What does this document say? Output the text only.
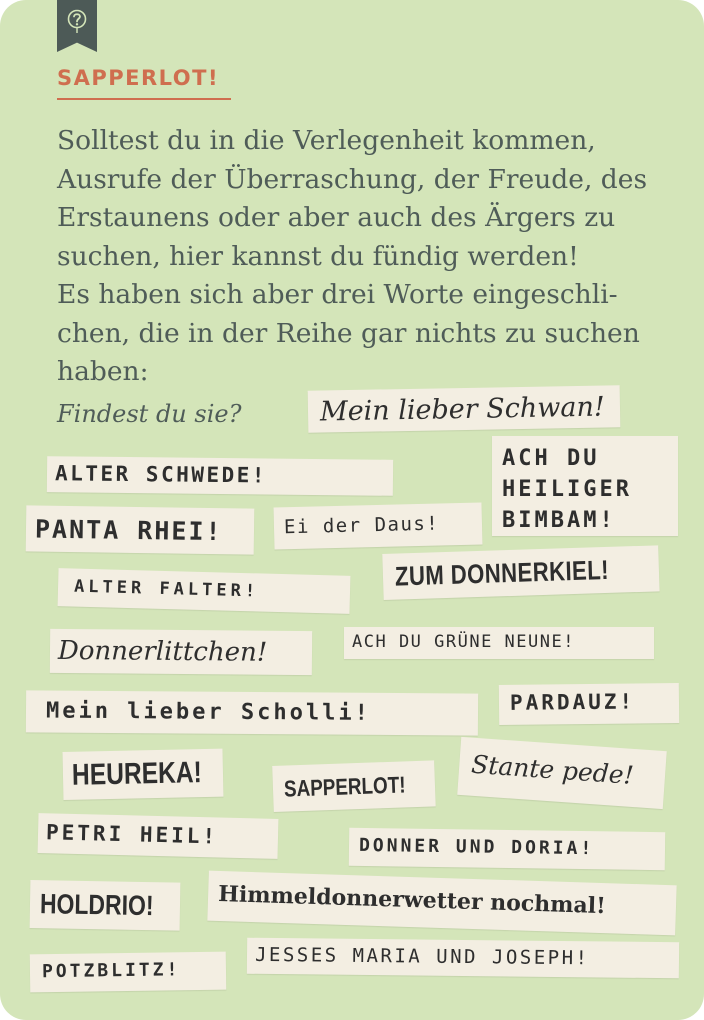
SAPPERLOT!

Solltest du in die Verlegenheit kommen,
Ausrufe der Überraschung, der Freude, des
Erstaunens oder aber auch des Ärgers zu
suchen, hier kannst du fündig werden!
Es haben sich aber drei Worte eingeschli-
chen, die in der Reihe gar nichts zu suchen
haben:

Findest du sie?	Mein lieber Schwan!
ALTER SCHWEDE!
ACH DU
HEILIGER
BIMBAM!
PANTA RHEI!	Ei der Daus!
ALTER FALTER!	ZUM DONNERKIEL!
Donnerlittchen!	ACH DU GRÜNE NEUNE!
Mein lieber Scholli!	PARDAUZ!
HEUREKA!	SAPPERLOT!	Stante pede!
PETRI HEIL!	DONNER UND DORIA!
HOLDRIO!	Himmeldonnerwetter nochmal!
POTZBLITZ!
JESSES MARIA UND JOSEPH!
